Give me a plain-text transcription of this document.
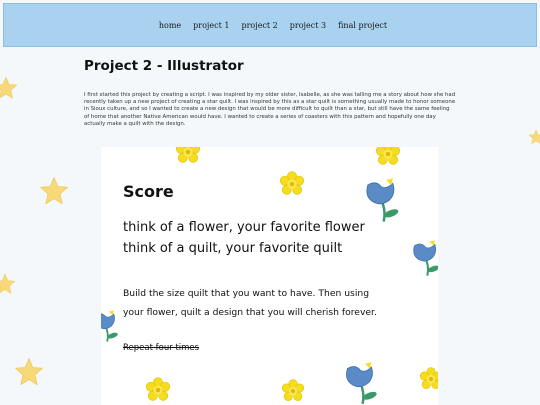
home project 1 project 2 project 3 final project
Project 2 - Illustrator

I first started this project by creating a script. I was inspired by my older sister, Isabelle, as she was talling me a story about how she had recently taken up a new project of creating a star quilt. I was inspired by this as a star quilt is something usually made to honor someone in Sioux culture, and so I wanted to create a new design that would be more difficult to quilt than a star, but still have the same feeling of home that another Native American would have. I wanted to create a series of coasters with this pattern and hopefully one day actually make a quilt with the design.

Score

think of a flower, your favorite flower

think of a quilt, your favorite quilt

Build the size quilt that you want to have. Then using

your flower, quilt a design that you will cherish forever.

Repeat four times
